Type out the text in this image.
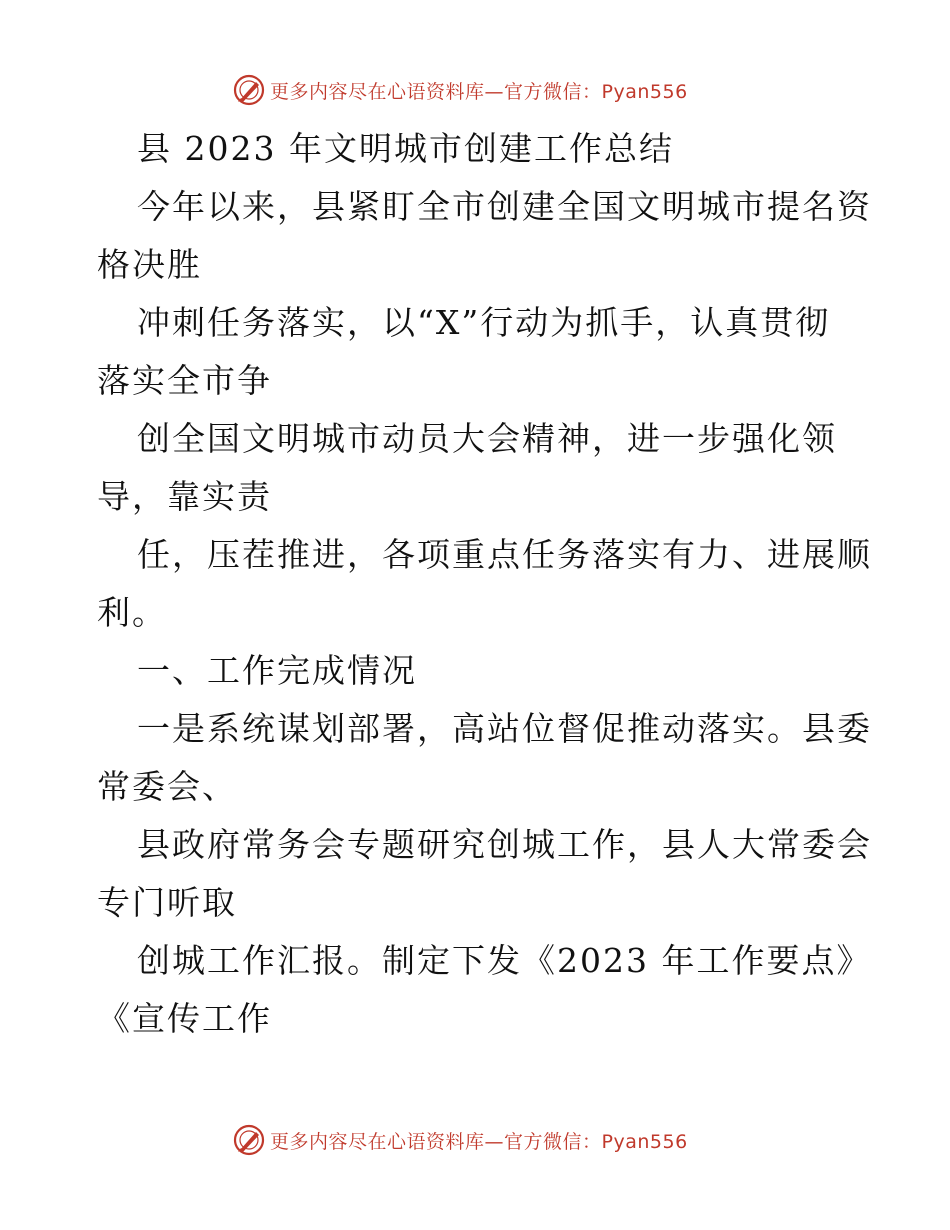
更多内容尽在心语资料库—官方微信：Pyan556

县 2023 年文明城市创建工作总结

今年以来，县紧盯全市创建全国文明城市提名资

格决胜

冲刺任务落实，以“X”行动为抓手，认真贯彻

落实全市争

创全国文明城市动员大会精神，进一步强化领

导，靠实责

任，压茬推进，各项重点任务落实有力、进展顺

利。

一、工作完成情况

一是系统谋划部署，高站位督促推动落实。县委

常委会、

县政府常务会专题研究创城工作，县人大常委会

专门听取

创城工作汇报。制定下发《2023 年工作要点》

《宣传工作

更多内容尽在心语资料库—官方微信：Pyan556
